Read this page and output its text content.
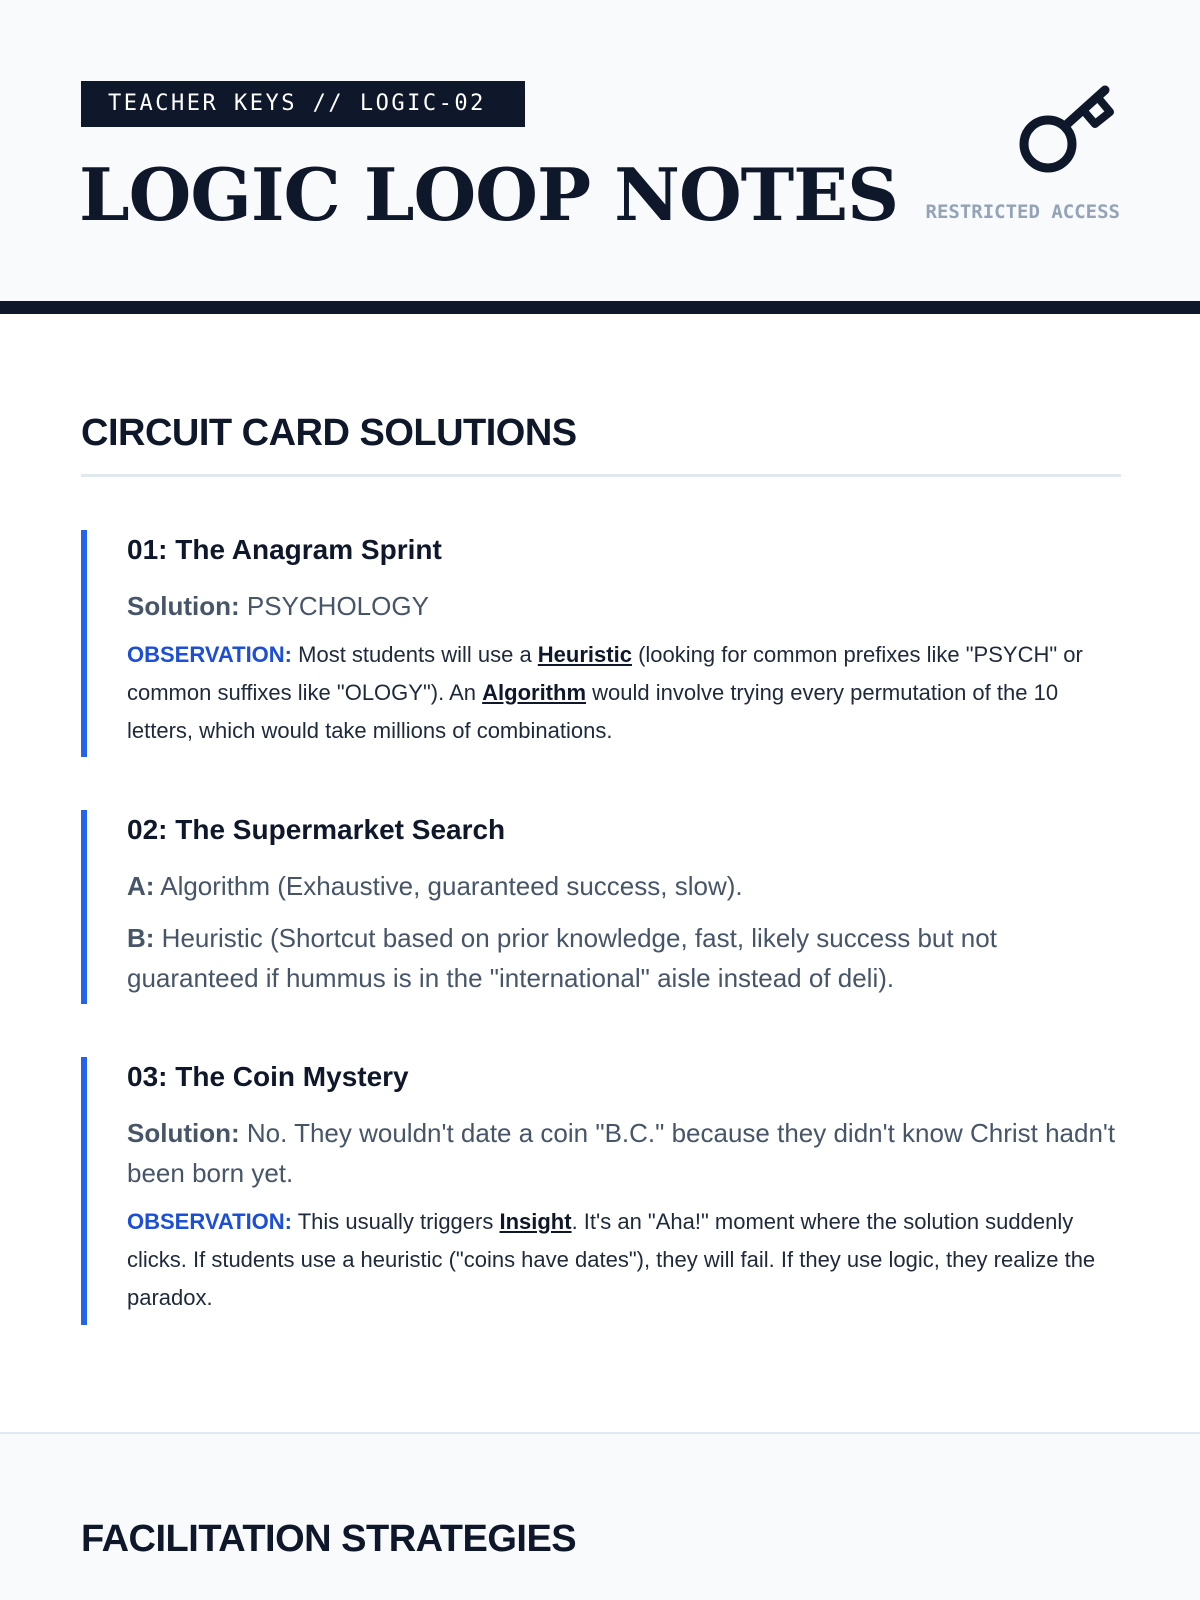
TEACHER KEYS // LOGIC-02
LOGIC LOOP NOTES RESTRICTED ACCESS
CIRCUIT CARD SOLUTIONS
01: The Anagram Sprint
Solution: PSYCHOLOGY
OBSERVATION: Most students will use a Heuristic (looking for common prefixes like "PSYCH" or common suffixes like "OLOGY"). An Algorithm would involve trying every permutation of the 10 letters, which would take millions of combinations.
02: The Supermarket Search
A: Algorithm (Exhaustive, guaranteed success, slow).
B: Heuristic (Shortcut based on prior knowledge, fast, likely success but not guaranteed if hummus is in the "international" aisle instead of deli).
03: The Coin Mystery
Solution: No. They wouldn't date a coin "B.C." because they didn't know Christ hadn't been born yet.
OBSERVATION: This usually triggers Insight. It's an "Aha!" moment where the solution suddenly clicks. If students use a heuristic ("coins have dates"), they will fail. If they use logic, they realize the paradox.
FACILITATION STRATEGIES
